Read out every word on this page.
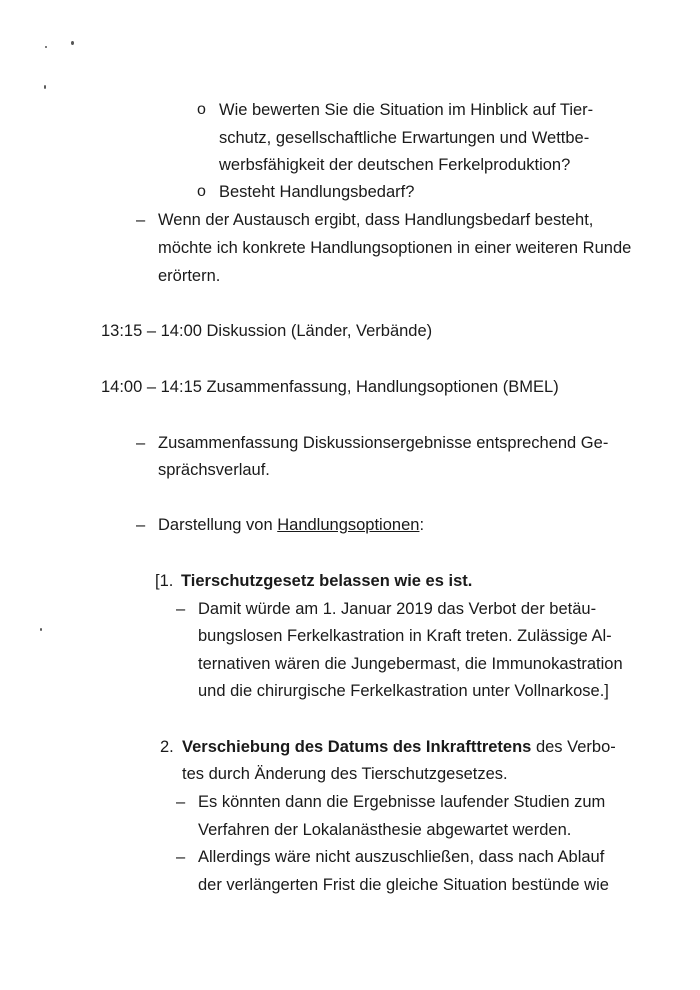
o Wie bewerten Sie die Situation im Hinblick auf Tier-
schutz, gesellschaftliche Erwartungen und Wettbe-
werbsfähigkeit der deutschen Ferkelproduktion?
o Besteht Handlungsbedarf?
– Wenn der Austausch ergibt, dass Handlungsbedarf besteht,
möchte ich konkrete Handlungsoptionen in einer weiteren Runde
erörtern.
13:15 – 14:00 Diskussion (Länder, Verbände)
14:00 – 14:15 Zusammenfassung, Handlungsoptionen (BMEL)
– Zusammenfassung Diskussionsergebnisse entsprechend Ge-
sprächsverlauf.
– Darstellung von Handlungsoptionen:
[1. Tierschutzgesetz belassen wie es ist.
– Damit würde am 1. Januar 2019 das Verbot der betäu-
bungslosen Ferkelkastration in Kraft treten. Zulässige Al-
ternativen wären die Jungebermast, die Immunokastration
und die chirurgische Ferkelkastration unter Vollnarkose.]
2. Verschiebung des Datums des Inkrafttretens des Verbo-
tes durch Änderung des Tierschutzgesetzes.
– Es könnten dann die Ergebnisse laufender Studien zum
Verfahren der Lokalanästhesie abgewartet werden.
– Allerdings wäre nicht auszuschließen, dass nach Ablauf
der verlängerten Frist die gleiche Situation bestünde wie
